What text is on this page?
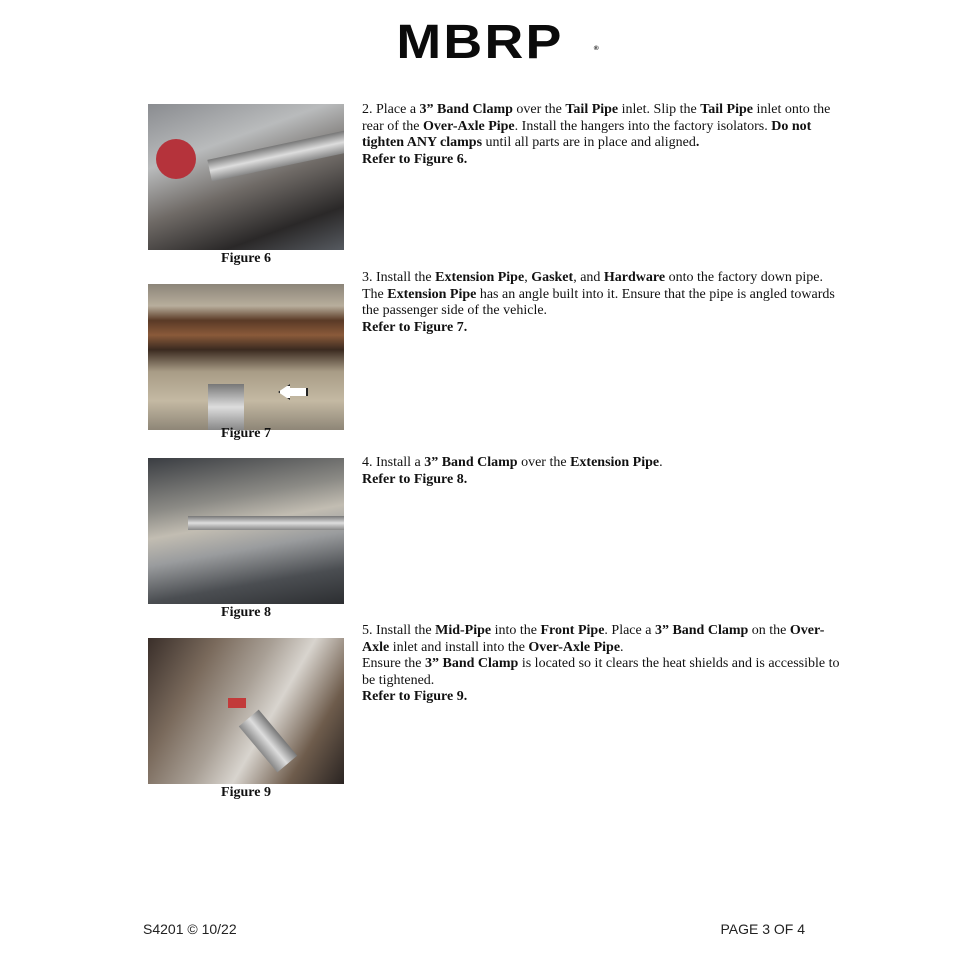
MBRP	®
Figure 6
Figure 7
Figure 8
Figure 9
2. Place a 3” Band Clamp over the Tail Pipe inlet. Slip the Tail Pipe inlet onto the rear of the Over-Axle Pipe. Install the hangers into the factory isolators. Do not tighten ANY clamps until all parts are in place and aligned.
Refer to Figure 6.
3. Install the Extension Pipe, Gasket, and Hardware onto the factory down pipe. The Extension Pipe has an angle built into it. Ensure that the pipe is angled towards the passenger side of the vehicle.
Refer to Figure 7.
4. Install a 3” Band Clamp over the Extension Pipe.
Refer to Figure 8.
5. Install the Mid-Pipe into the Front Pipe. Place a 3” Band Clamp on the Over-Axle inlet and install into the Over-Axle Pipe.
Ensure the 3” Band Clamp is located so it clears the heat shields and is accessible to be tightened.
Refer to Figure 9.
S4201 © 10/22	PAGE 3 OF 4
